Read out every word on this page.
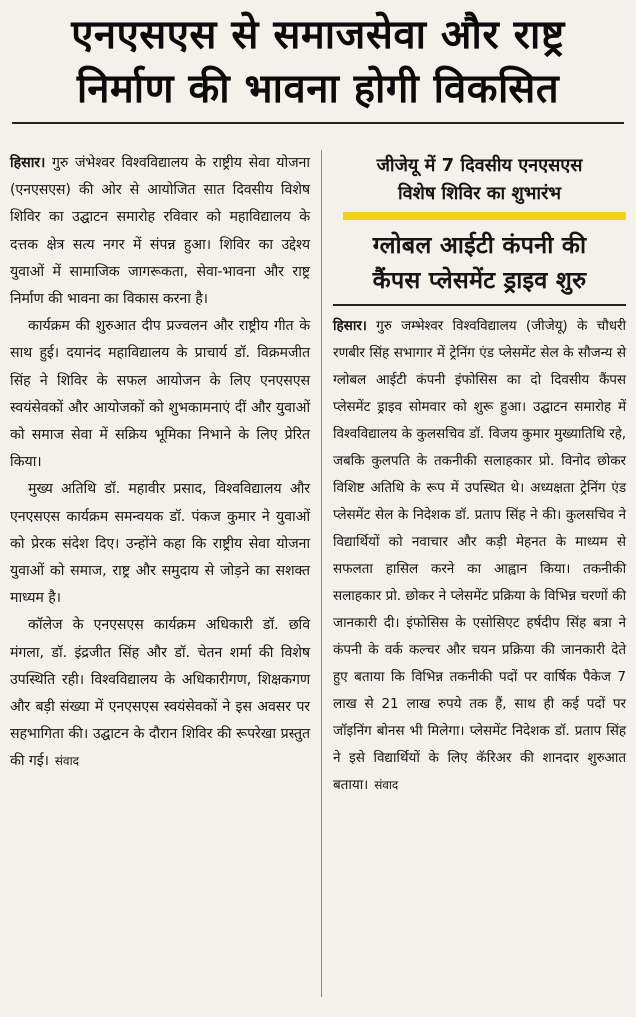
एनएसएस से समाजसेवा और राष्ट्र
निर्माण की भावना होगी विकसित

हिसार। गुरु जंभेश्वर विश्वविद्यालय के राष्ट्रीय सेवा योजना (एनएसएस) की ओर से आयोजित सात दिवसीय विशेष शिविर का उद्घाटन समारोह रविवार को महाविद्यालय के दत्तक क्षेत्र सत्य नगर में संपन्न हुआ। शिविर का उद्देश्य युवाओं में सामाजिक जागरूकता, सेवा-भावना और राष्ट्र निर्माण की भावना का विकास करना है।

कार्यक्रम की शुरुआत दीप प्रज्वलन और राष्ट्रीय गीत के साथ हुई। दयानंद महाविद्यालय के प्राचार्य डॉ. विक्रमजीत सिंह ने शिविर के सफल आयोजन के लिए एनएसएस स्वयंसेवकों और आयोजकों को शुभकामनाएं दीं और युवाओं को समाज सेवा में सक्रिय भूमिका निभाने के लिए प्रेरित किया।

मुख्य अतिथि डॉ. महावीर प्रसाद, विश्वविद्यालय और एनएसएस कार्यक्रम समन्वयक डॉ. पंकज कुमार ने युवाओं को प्रेरक संदेश दिए। उन्होंने कहा कि राष्ट्रीय सेवा योजना युवाओं को समाज, राष्ट्र और समुदाय से जोड़ने का सशक्त माध्यम है।

कॉलेज के एनएसएस कार्यक्रम अधिकारी डॉ. छवि मंगला, डॉ. इंद्रजीत सिंह और डॉ. चेतन शर्मा की विशेष उपस्थिति रही। विश्वविद्यालय के अधिकारीगण, शिक्षकगण और बड़ी संख्या में एनएसएस स्वयंसेवकों ने इस अवसर पर सहभागिता की। उद्घाटन के दौरान शिविर की रूपरेखा प्रस्तुत की गई। संवाद

जीजेयू में 7 दिवसीय एनएसएस
विशेष शिविर का शुभारंभ
ग्लोबल आईटी कंपनी की
कैंपस प्लेसमेंट ड्राइव शुरु

हिसार। गुरु जम्भेश्वर विश्वविद्यालय (जीजेयू) के चौधरी रणबीर सिंह सभागार में ट्रेनिंग एंड प्लेसमेंट सेल के सौजन्य से ग्लोबल आईटी कंपनी इंफोसिस का दो दिवसीय कैंपस प्लेसमेंट ड्राइव सोमवार को शुरू हुआ। उद्घाटन समारोह में विश्वविद्यालय के कुलसचिव डॉ. विजय कुमार मुख्यातिथि रहे, जबकि कुलपति के तकनीकी सलाहकार प्रो. विनोद छोकर विशिष्ट अतिथि के रूप में उपस्थित थे। अध्यक्षता ट्रेनिंग एंड प्लेसमेंट सेल के निदेशक डॉ. प्रताप सिंह ने की। कुलसचिव ने विद्यार्थियों को नवाचार और कड़ी मेहनत के माध्यम से सफलता हासिल करने का आह्वान किया। तकनीकी सलाहकार प्रो. छोकर ने प्लेसमेंट प्रक्रिया के विभिन्न चरणों की जानकारी दी। इंफोसिस के एसोसिएट हर्षदीप सिंह बत्रा ने कंपनी के वर्क कल्चर और चयन प्रक्रिया की जानकारी देते हुए बताया कि विभिन्न तकनीकी पदों पर वार्षिक पैकेज 7 लाख से 21 लाख रुपये तक हैं, साथ ही कई पदों पर जॉइनिंग बोनस भी मिलेगा। प्लेसमेंट निदेशक डॉ. प्रताप सिंह ने इसे विद्यार्थियों के लिए कॅरिअर की शानदार शुरुआत बताया। संवाद
